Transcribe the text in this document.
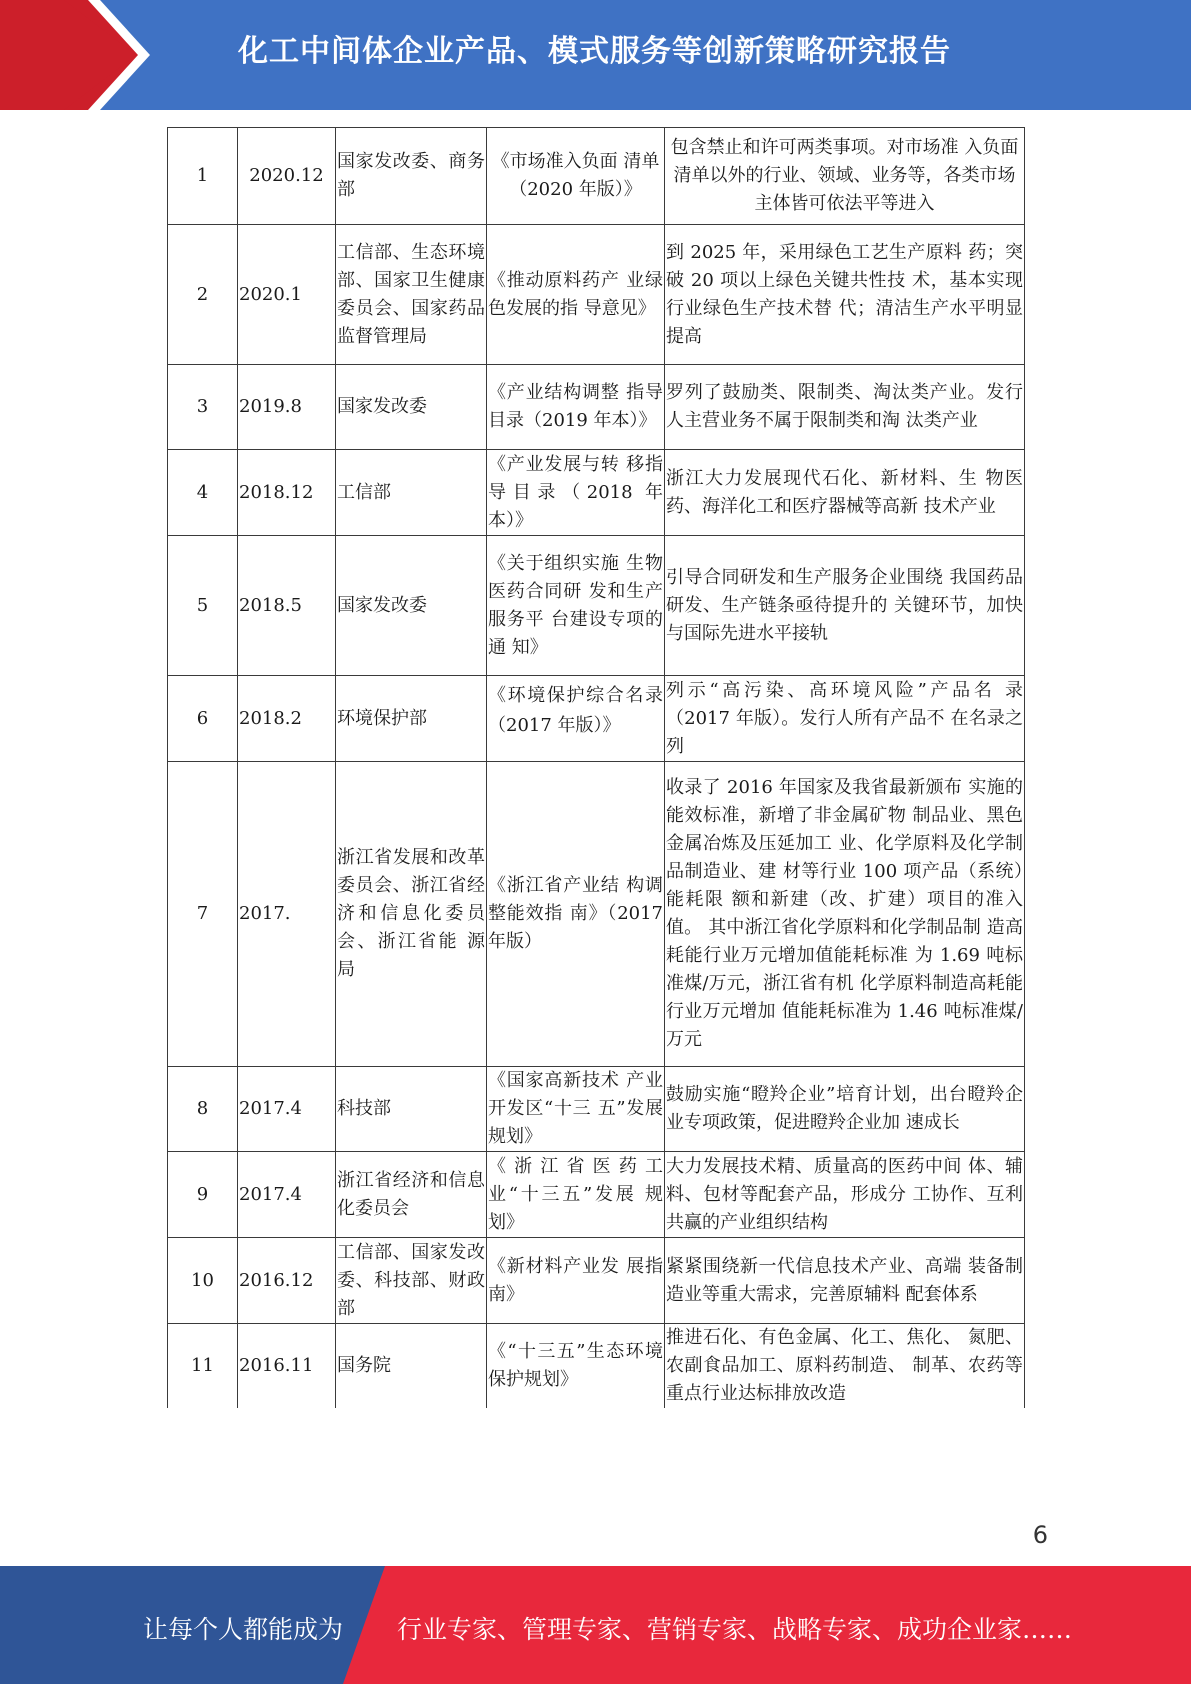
化工中间体企业产品、模式服务等创新策略研究报告
1	2020.12	国家发改委、商务部	《市场准入负面 清单（2020 年版）》	包含禁止和许可两类事项。对市场准 入负面清单以外的行业、领域、业务等，各类市场主体皆可依法平等进入
2	2020.1	工信部、生态环境部、国家卫生健康委员会、国家药品监督管理局	《推动原料药产 业绿色发展的指 导意见》	到 2025 年，采用绿色工艺生产原料 药；突破 20 项以上绿色关键共性技 术，基本实现行业绿色生产技术替 代；清洁生产水平明显提高
3	2019.8	国家发改委	《产业结构调整 指导目录（2019 年本）》	罗列了鼓励类、限制类、淘汰类产业。发行人主营业务不属于限制类和淘 汰类产业
4	2018.12	工信部	《产业发展与转 移指导目录（2018 年本）》	浙江大力发展现代石化、新材料、生 物医药、海洋化工和医疗器械等高新 技术产业
5	2018.5	国家发改委	《关于组织实施 生物医药合同研 发和生产服务平 台建设专项的通 知》	引导合同研发和生产服务企业围绕 我国药品研发、生产链条亟待提升的 关键环节，加快与国际先进水平接轨
6	2018.2	环境保护部	《环境保护综合名录（2017 年版）》	列示“高污染、高环境风险”产品名 录（2017 年版）。发行人所有产品不 在名录之列
7	2017.	浙江省发展和改革委员会、浙江省经济和信息化委员 会、浙江省能 源局	《浙江省产业结 构调整能效指 南》（2017 年版）	收录了 2016 年国家及我省最新颁布 实施的能效标准，新增了非金属矿物 制品业、黑色金属冶炼及压延加工 业、化学原料及化学制品制造业、建 材等行业 100 项产品（系统）能耗限 额和新建（改、扩建）项目的准入值。 其中浙江省化学原料和化学制品制 造高耗能行业万元增加值能耗标准 为 1.69 吨标准煤/万元，浙江省有机 化学原料制造高耗能行业万元增加 值能耗标准为 1.46 吨标准煤/万元
8	2017.4	科技部	《国家高新技术 产业开发区“十三 五”发展规划》	鼓励实施“瞪羚企业”培育计划，出台瞪羚企业专项政策，促进瞪羚企业加 速成长
9	2017.4	浙江省经济和信息化委员会	《浙江省医药工 业“十三五”发展 规划》	大力发展技术精、质量高的医药中间 体、辅料、包材等配套产品，形成分 工协作、互利共赢的产业组织结构
10	2016.12	工信部、国家发改委、科技部、财政部	《新材料产业发 展指南》	紧紧围绕新一代信息技术产业、高端 装备制造业等重大需求，完善原辅料 配套体系
11	2016.11	国务院	《“十三五”生态环境保护规划》	推进石化、有色金属、化工、焦化、 氮肥、农副食品加工、原料药制造、 制革、农药等重点行业达标排放改造
6
让每个人都能成为 行业专家、管理专家、营销专家、战略专家、成功企业家……
